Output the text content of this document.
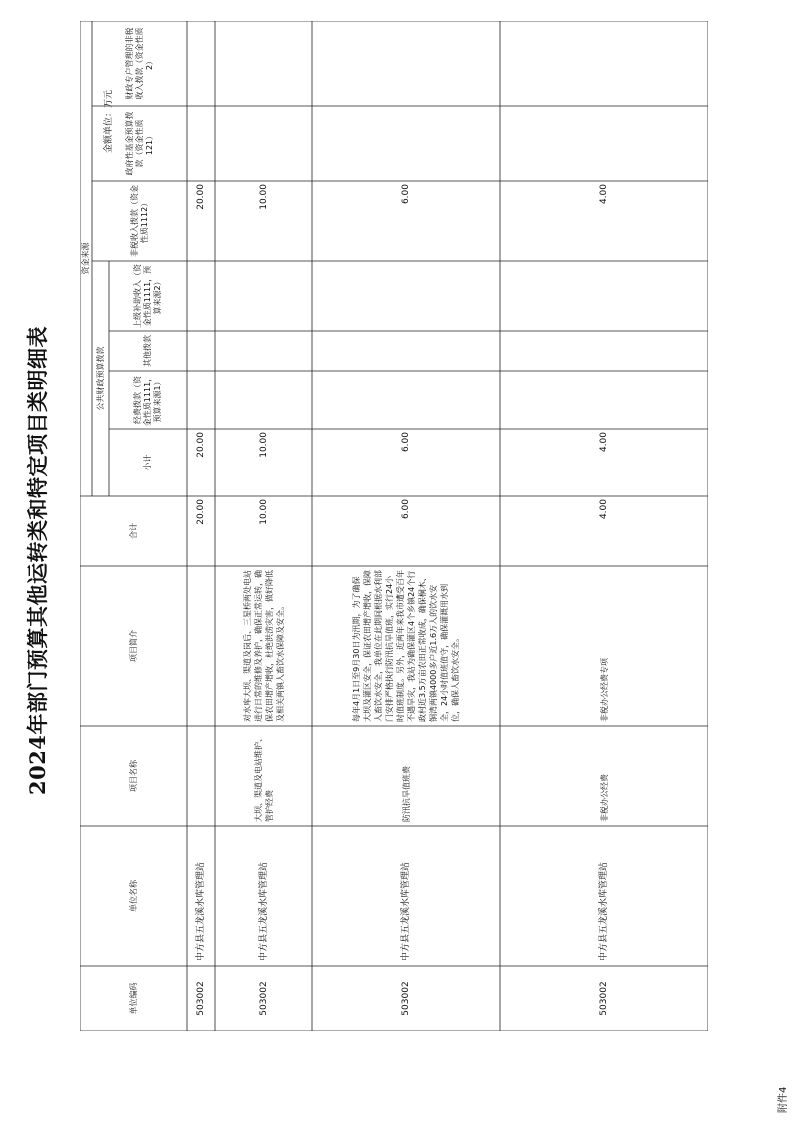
附件4
2024年部门预算其他运转类和特定项目类明细表
金额单位：万元
单位编码
单位名称
项目名称
项目简介
合计
资金来源
公共财政预算拨款
小计
经费拨款（资金性质1111，预算来源1）
其他拨款
上级补助收入（资金性质1111，预算来源2）
非税收入拨款（资金性质1112）
政府性基金预算拨款（资金性质121）
财政专户管理的非税收入拨款（资金性质2）
503002
中方县五龙溪水库管理站
20.00
20.00
20.00
503002
中方县五龙溪水库管理站
大坝、渠道及电站维护、管护经费
对水库大坝、渠道及岗后、三星桥两处电站进行日常的维修及养护，确保正常运转，确保农田增产增收，杜绝洪涝灾害，做好降低及相关两镇人畜饮水保障及安全。
10.00
10.00
10.00
503002
中方县五龙溪水库管理站
防汛抗旱值班费
每年4月1日至9月30日为汛期，为了确保大坝及灌区安全，保证农田增产增收，保障人畜饮水安全，我单位在此期间根据水利部门安排严格执行防汛抗旱值班，实行24小时值班制度。另外，近两年来我市遭受百年不遇旱灾，我站为确保灌区4个乡镇24个行政村近3.5万亩农田正常收成，确保桐木、铜湾两镇4000多户近1.6万人的饮水安全，24小时值班值守，确保灌溉用水到位，确保人畜饮水安全。
6.00
6.00
6.00
503002
中方县五龙溪水库管理站
非税办公经费
非税办公经费专项
4.00
4.00
4.00
